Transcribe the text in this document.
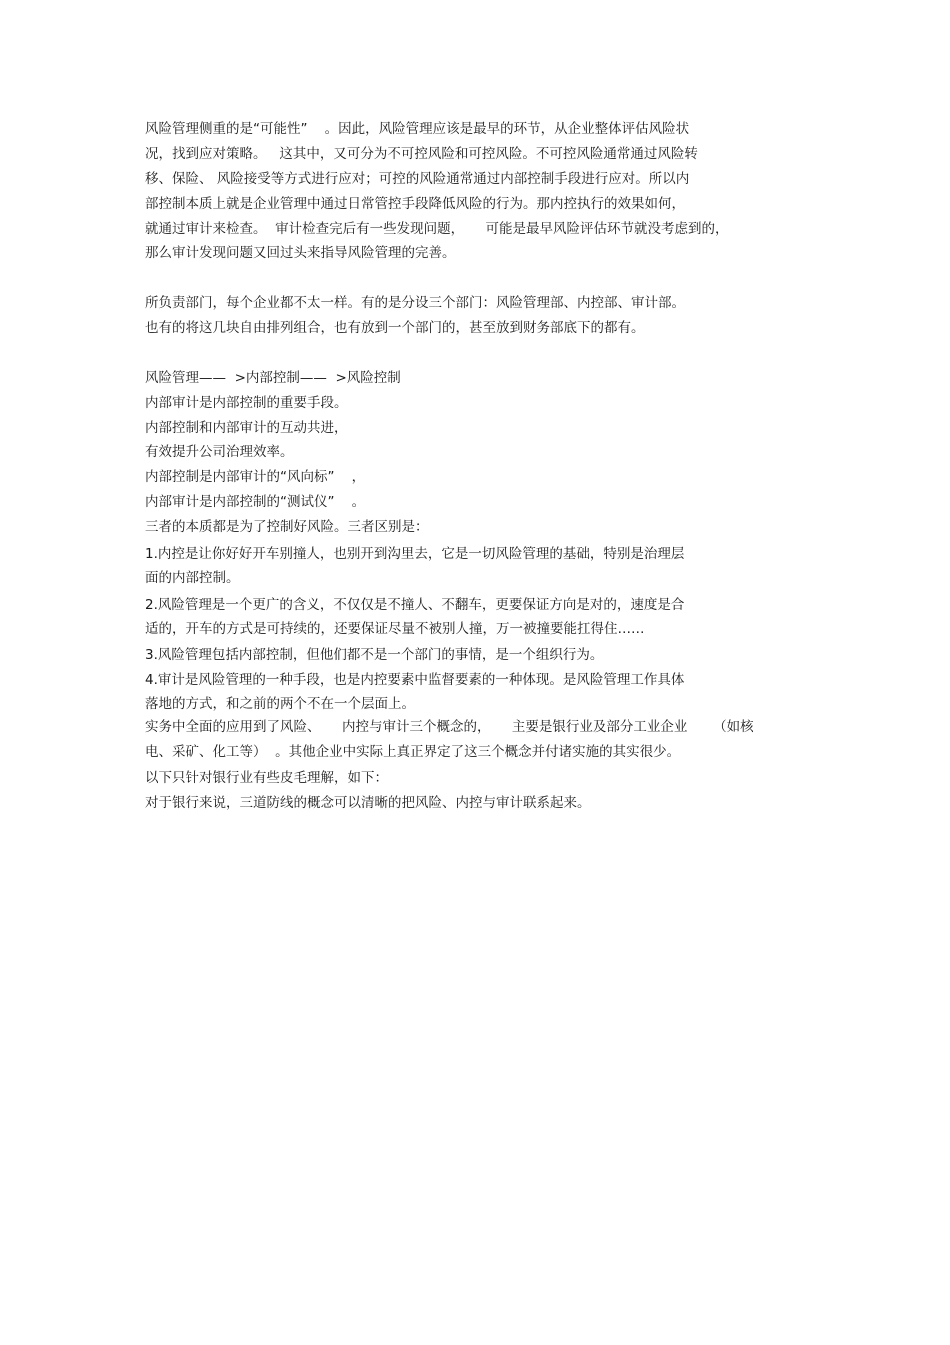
风险管理侧重的是“可能性”    。因此，风险管理应该是最早的环节，从企业整体评估风险状
况，找到应对策略。   这其中，又可分为不可控风险和可控风险。不可控风险通常通过风险转
移、保险、 风险接受等方式进行应对；可控的风险通常通过内部控制手段进行应对。所以内
部控制本质上就是企业管理中通过日常管控手段降低风险的行为。那内控执行的效果如何，
就通过审计来检查。  审计检查完后有一些发现问题，     可能是最早风险评估环节就没考虑到的，
那么审计发现问题又回过头来指导风险管理的完善。
所负责部门，每个企业都不太一样。有的是分设三个部门：风险管理部、内控部、审计部。
也有的将这几块自由排列组合，也有放到一个部门的，甚至放到财务部底下的都有。
风险管理——  >内部控制——  >风险控制
内部审计是内部控制的重要手段。
内部控制和内部审计的互动共进，
有效提升公司治理效率。
内部控制是内部审计的“风向标”    ，
内部审计是内部控制的“测试仪”    。
三者的本质都是为了控制好风险。三者区别是：
1.内控是让你好好开车别撞人，也别开到沟里去，它是一切风险管理的基础，特别是治理层
面的内部控制。
2.风险管理是一个更广的含义，不仅仅是不撞人、不翻车，更要保证方向是对的，速度是合
适的，开车的方式是可持续的，还要保证尽量不被别人撞，万一被撞要能扛得住……
3.风险管理包括内部控制，但他们都不是一个部门的事情，是一个组织行为。
4.审计是风险管理的一种手段，也是内控要素中监督要素的一种体现。是风险管理工作具体
落地的方式，和之前的两个不在一个层面上。
实务中全面的应用到了风险、     内控与审计三个概念的，     主要是银行业及部分工业企业      （如核
电、采矿、化工等）  。其他企业中实际上真正界定了这三个概念并付诸实施的其实很少。
以下只针对银行业有些皮毛理解，如下：
对于银行来说，三道防线的概念可以清晰的把风险、内控与审计联系起来。
